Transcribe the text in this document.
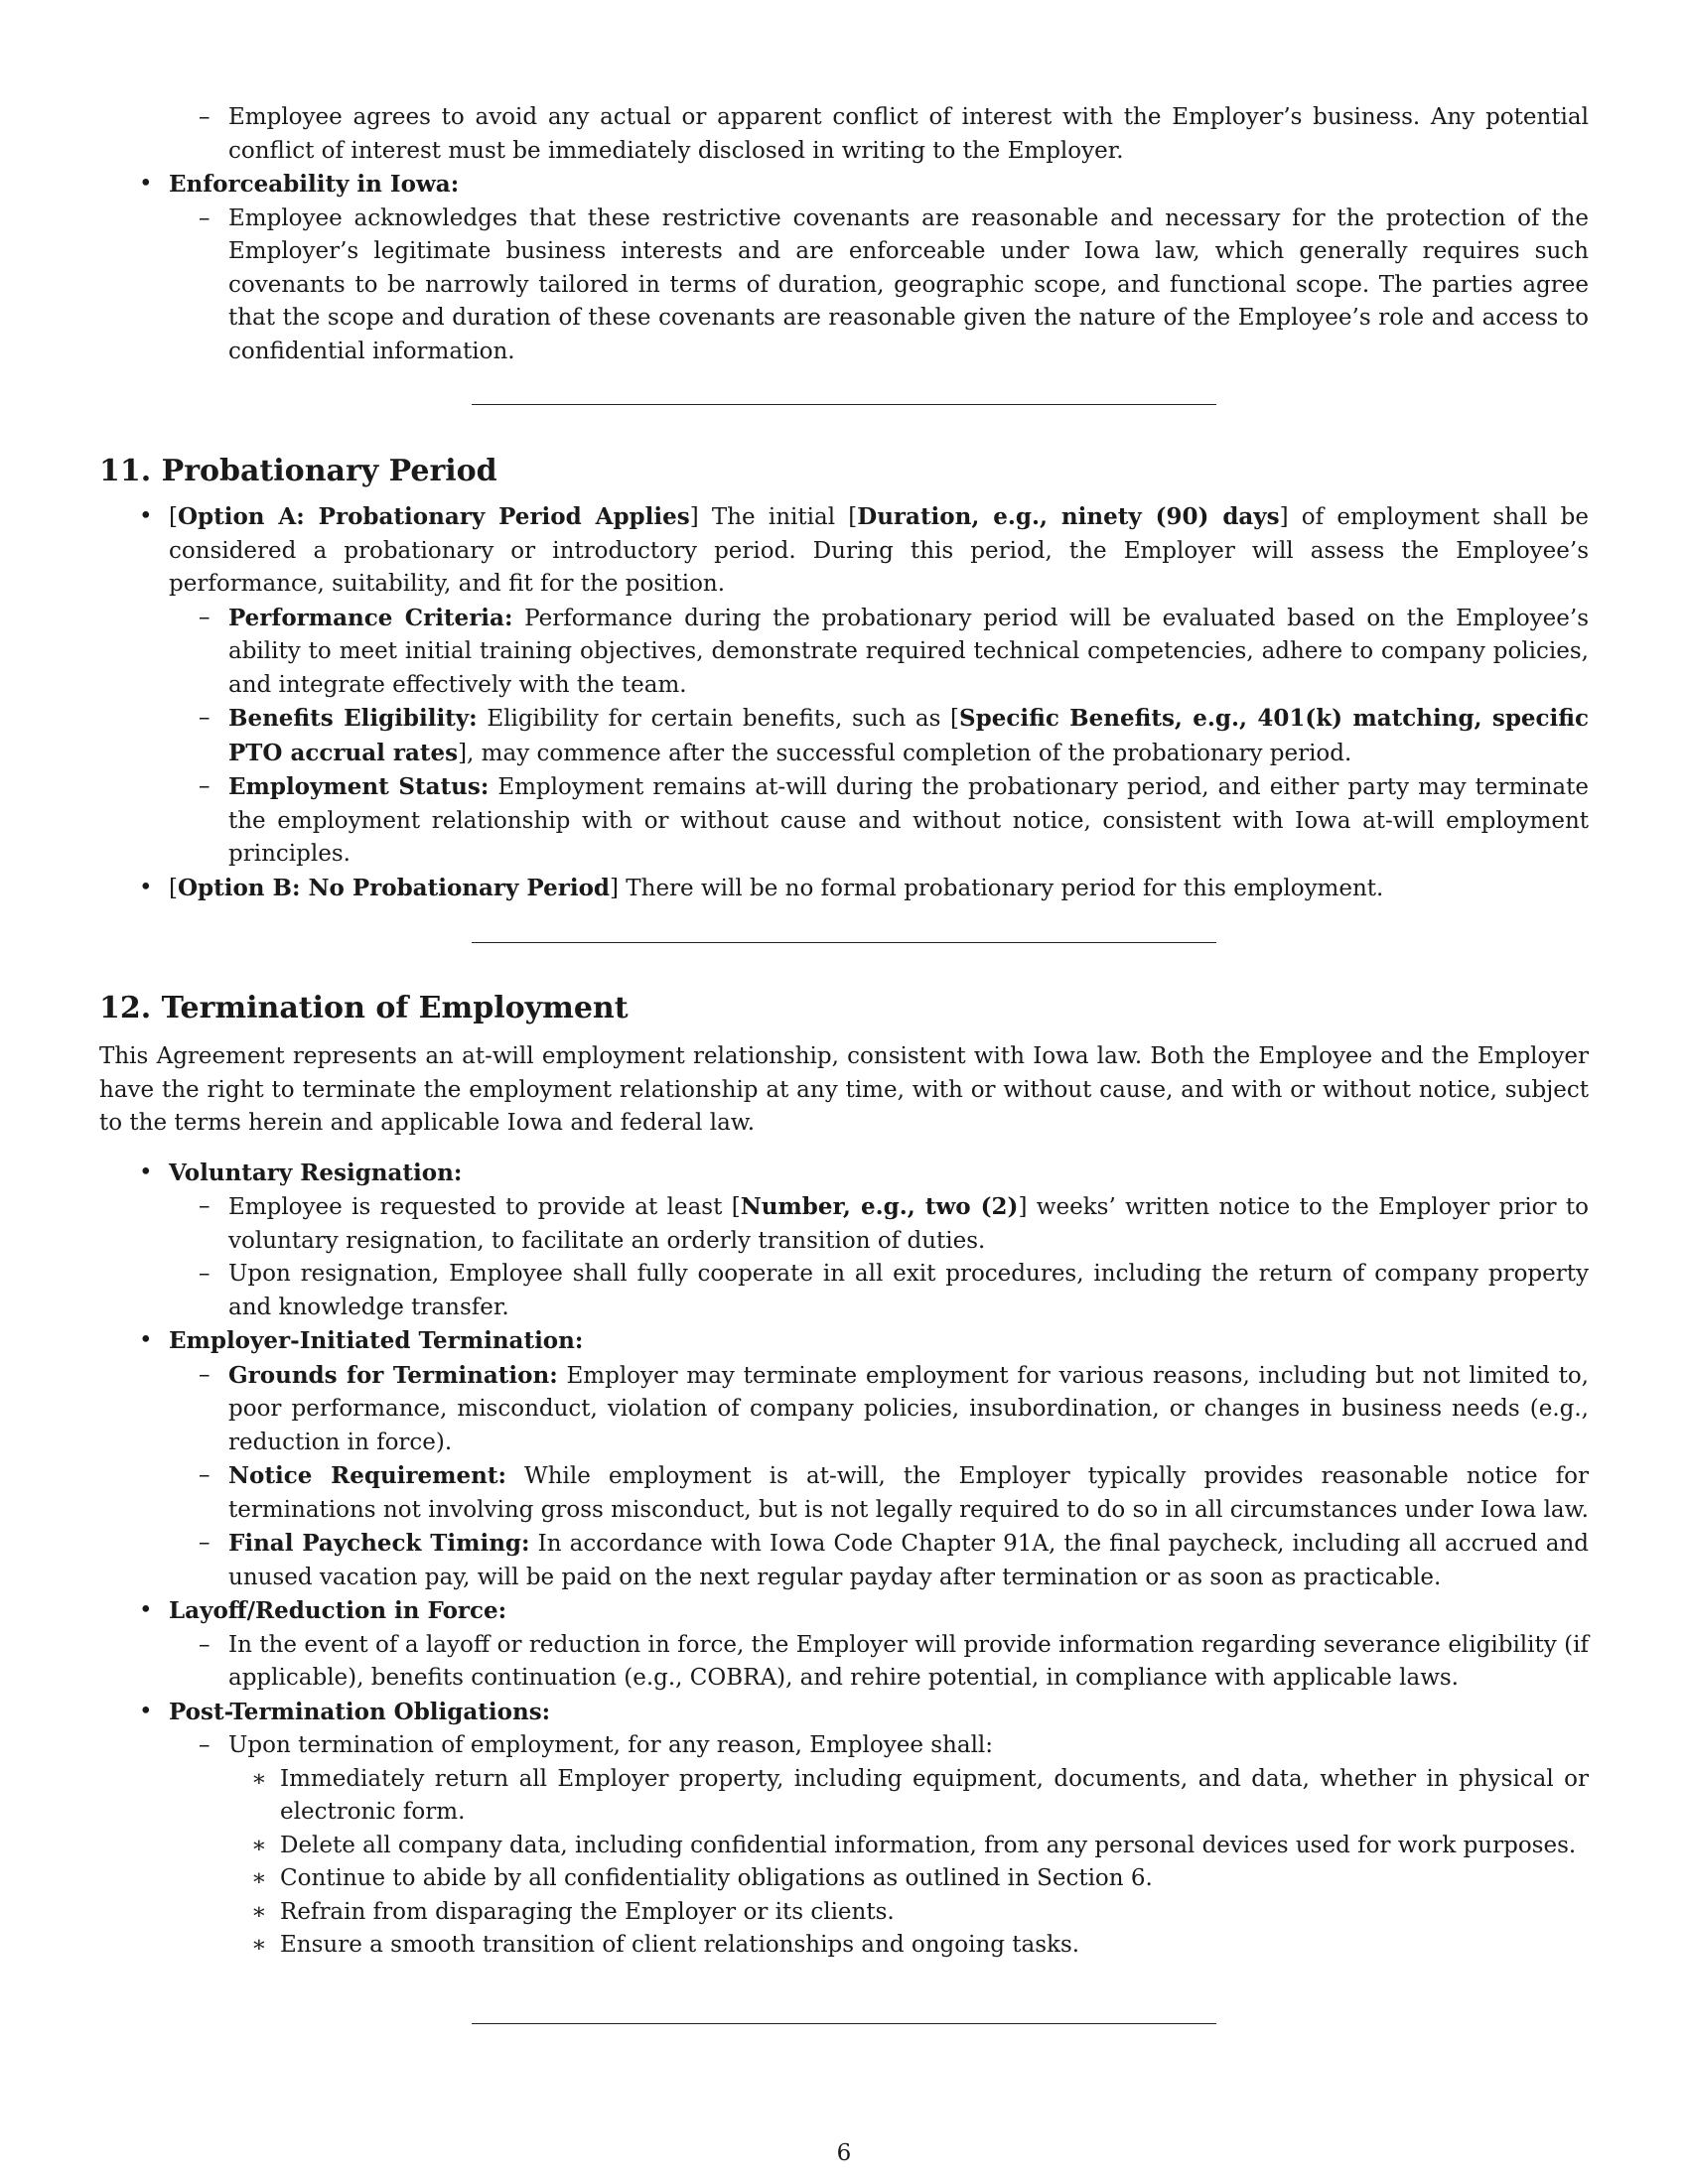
– Employee agrees to avoid any actual or apparent conflict of interest with the Employer’s business. Any potential conflict of interest must be immediately disclosed in writing to the Employer.
• Enforceability in Iowa:
– Employee acknowledges that these restrictive covenants are reasonable and necessary for the protection of the Employer’s legitimate business interests and are enforceable under Iowa law, which generally requires such covenants to be narrowly tailored in terms of duration, geographic scope, and functional scope. The parties agree that the scope and duration of these covenants are reasonable given the nature of the Employee’s role and access to confidential information.
11. Probationary Period
• [Option A: Probationary Period Applies] The initial [Duration, e.g., ninety (90) days] of employment shall be considered a probationary or introductory period. During this period, the Employer will assess the Employee’s performance, suitability, and fit for the position.
– Performance Criteria: Performance during the probationary period will be evaluated based on the Employee’s ability to meet initial training objectives, demonstrate required technical competencies, adhere to company policies, and integrate effectively with the team.
– Benefits Eligibility: Eligibility for certain benefits, such as [Specific Benefits, e.g., 401(k) matching, specific PTO accrual rates], may commence after the successful completion of the probationary period.
– Employment Status: Employment remains at-will during the probationary period, and either party may terminate the employment relationship with or without cause and without notice, consistent with Iowa at-will employment principles.
• [Option B: No Probationary Period] There will be no formal probationary period for this employment.
12. Termination of Employment

This Agreement represents an at-will employment relationship, consistent with Iowa law. Both the Employee and the Employer have the right to terminate the employment relationship at any time, with or without cause, and with or without notice, subject to the terms herein and applicable Iowa and federal law.

• Voluntary Resignation:
– Employee is requested to provide at least [Number, e.g., two (2)] weeks’ written notice to the Employer prior to voluntary resignation, to facilitate an orderly transition of duties.
– Upon resignation, Employee shall fully cooperate in all exit procedures, including the return of company property and knowledge transfer.
• Employer-Initiated Termination:
– Grounds for Termination: Employer may terminate employment for various reasons, including but not limited to, poor performance, misconduct, violation of company policies, insubordination, or changes in business needs (e.g., reduction in force).
– Notice Requirement: While employment is at-will, the Employer typically provides reasonable notice for terminations not involving gross misconduct, but is not legally required to do so in all circumstances under Iowa law.
– Final Paycheck Timing: In accordance with Iowa Code Chapter 91A, the final paycheck, including all accrued and unused vacation pay, will be paid on the next regular payday after termination or as soon as practicable.
• Layoff/Reduction in Force:
– In the event of a layoff or reduction in force, the Employer will provide information regarding severance eligibility (if applicable), benefits continuation (e.g., COBRA), and rehire potential, in compliance with applicable laws.
• Post-Termination Obligations:
– Upon termination of employment, for any reason, Employee shall:
∗ Immediately return all Employer property, including equipment, documents, and data, whether in physical or electronic form.
∗ Delete all company data, including confidential information, from any personal devices used for work purposes.
∗ Continue to abide by all confidentiality obligations as outlined in Section 6.
∗ Refrain from disparaging the Employer or its clients.
∗ Ensure a smooth transition of client relationships and ongoing tasks.
6
